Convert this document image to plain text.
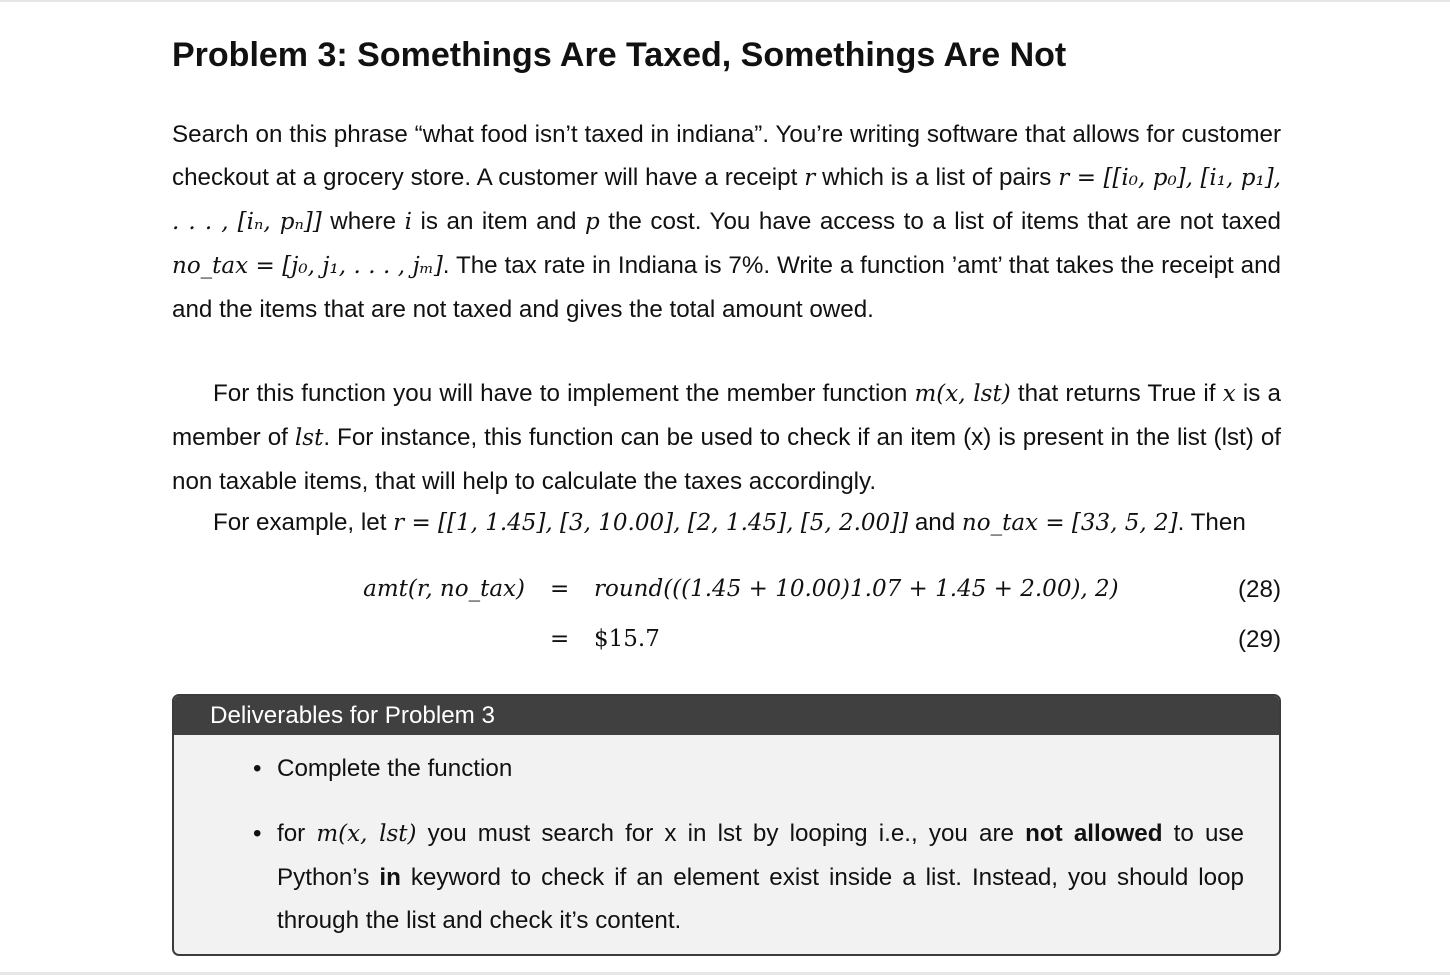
Problem 3: Somethings Are Taxed, Somethings Are Not

Search on this phrase “what food isn’t taxed in indiana”. You’re writing software that allows for customer checkout at a grocery store. A customer will have a receipt r which is a list of pairs r = [[i₀, p₀], [i₁, p₁], . . . , [iₙ, pₙ]] where i is an item and p the cost. You have access to a list of items that are not taxed no_tax = [j₀, j₁, . . . , jₘ]. The tax rate in Indiana is 7%. Write a function ’amt’ that takes the receipt and and the items that are not taxed and gives the total amount owed.

For this function you will have to implement the member function m(x, lst) that returns True if x is a member of lst. For instance, this function can be used to check if an item (x) is present in the list (lst) of non taxable items, that will help to calculate the taxes accordingly.

For example, let r = [[1, 1.45], [3, 10.00], [2, 1.45], [5, 2.00]] and no_tax = [33, 5, 2]. Then

amt(r, no_tax) = round(((1.45 + 10.00)1.07 + 1.45 + 2.00), 2)	(28)
= $15.7	(29)
Deliverables for Problem 3
• Complete the function
• for m(x, lst) you must search for x in lst by looping i.e., you are not allowed to use Python’s in keyword to check if an element exist inside a list. Instead, you should loop through the list and check it’s content.
